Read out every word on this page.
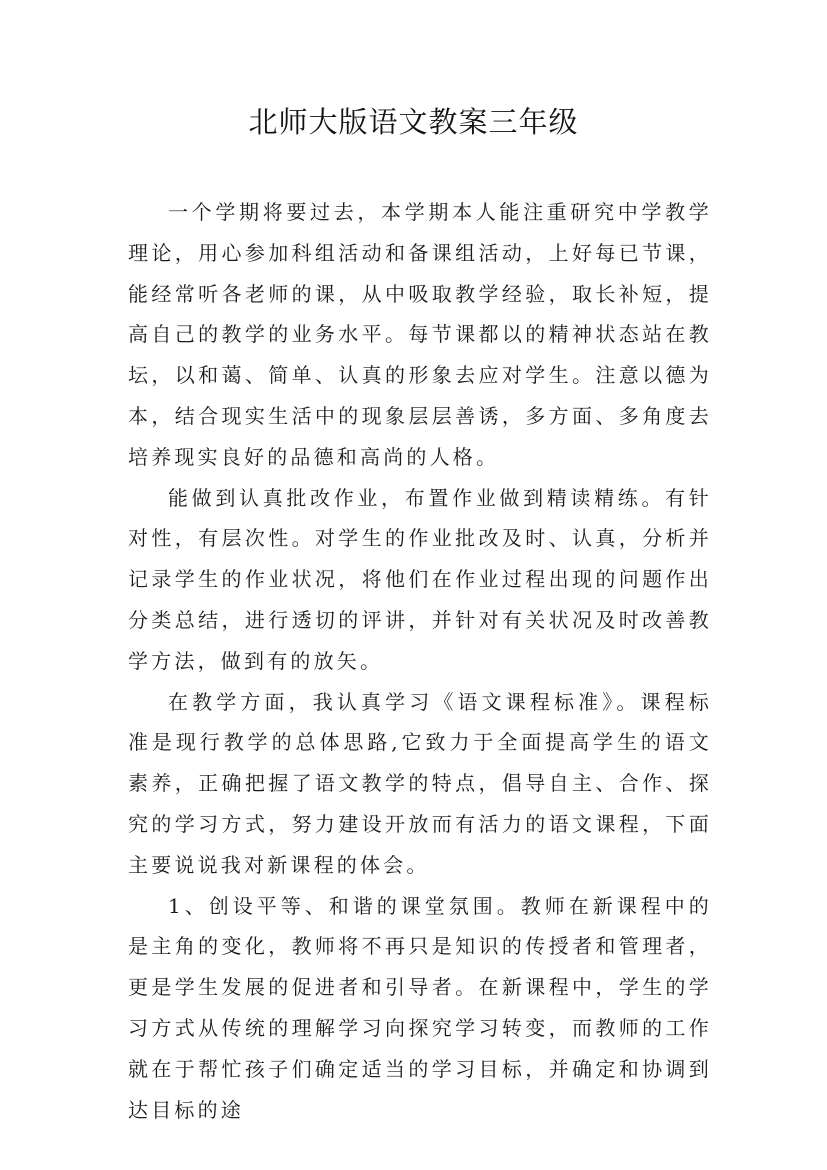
北师大版语文教案三年级

一个学期将要过去，本学期本人能注重研究中学教学理论，用心参加科组活动和备课组活动，上好每已节课，能经常听各老师的课，从中吸取教学经验，取长补短，提高自己的教学的业务水平。每节课都以的精神状态站在教坛，以和蔼、简单、认真的形象去应对学生。注意以德为本，结合现实生活中的现象层层善诱，多方面、多角度去培养现实良好的品德和高尚的人格。

能做到认真批改作业，布置作业做到精读精练。有针对性，有层次性。对学生的作业批改及时、认真，分析并记录学生的作业状况，将他们在作业过程出现的问题作出分类总结，进行透切的评讲，并针对有关状况及时改善教学方法，做到有的放矢。

在教学方面，我认真学习《语文课程标准》。课程标准是现行教学的总体思路,它致力于全面提高学生的语文素养，正确把握了语文教学的特点，倡导自主、合作、探究的学习方式，努力建设开放而有活力的语文课程，下面主要说说我对新课程的体会。

1、创设平等、和谐的课堂氛围。教师在新课程中的是主角的变化，教师将不再只是知识的传授者和管理者，更是学生发展的促进者和引导者。在新课程中，学生的学习方式从传统的理解学习向探究学习转变，而教师的工作就在于帮忙孩子们确定适当的学习目标，并确定和协调到达目标的途
